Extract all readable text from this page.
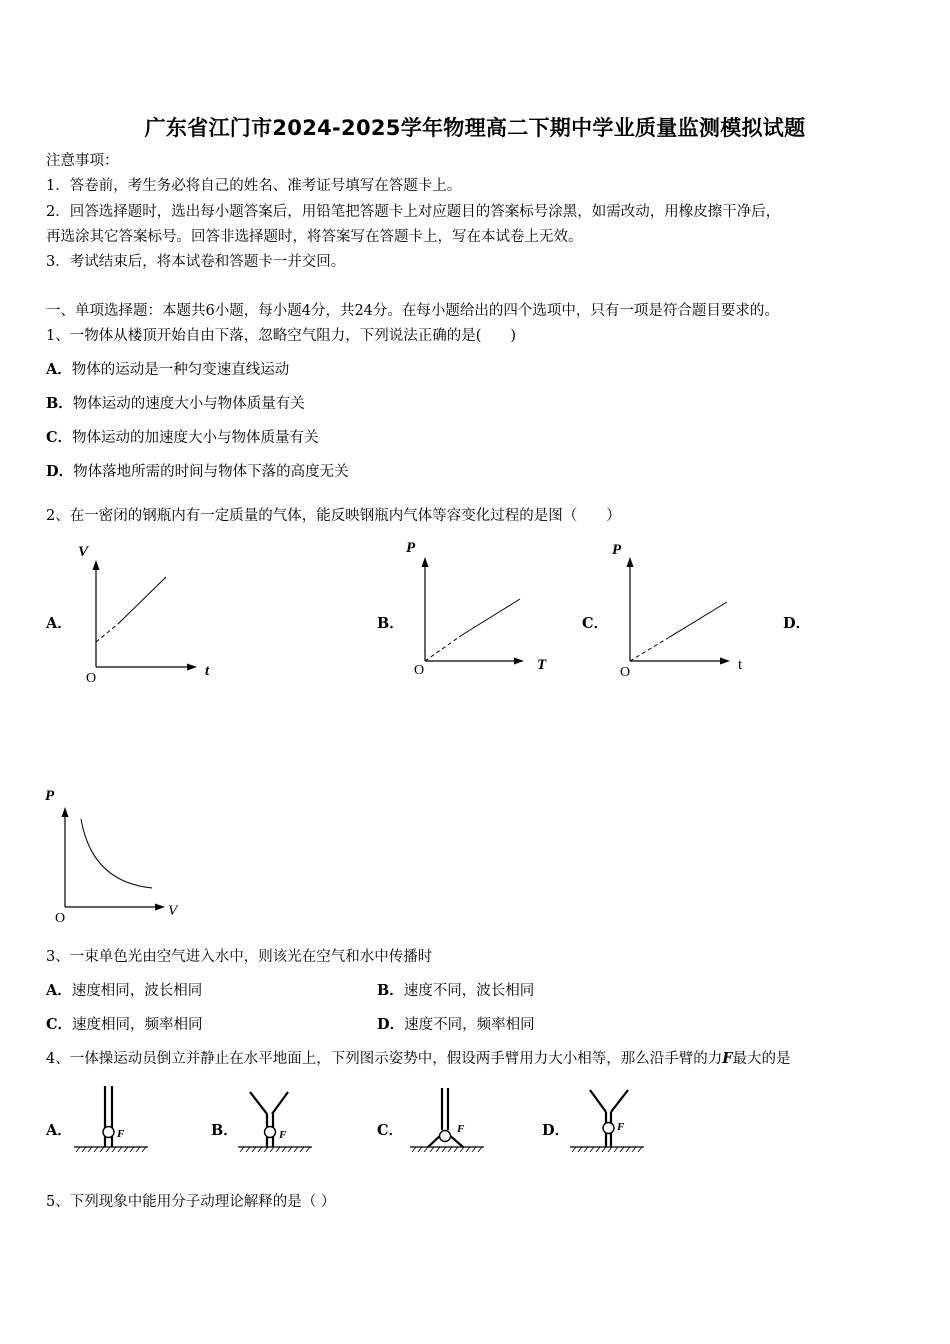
广东省江门市2024-2025学年物理高二下期中学业质量监测模拟试题
注意事项：
1．答卷前，考生务必将自己的姓名、准考证号填写在答题卡上。
2．回答选择题时，选出每小题答案后，用铅笔把答题卡上对应题目的答案标号涂黑，如需改动，用橡皮擦干净后，
再选涂其它答案标号。回答非选择题时，将答案写在答题卡上，写在本试卷上无效。
3．考试结束后，将本试卷和答题卡一并交回。
一、单项选择题：本题共6小题，每小题4分，共24分。在每小题给出的四个选项中，只有一项是符合题目要求的。
1、一物体从楼顶开始自由下落，忽略空气阻力，下列说法正确的是(　　)
A．物体的运动是一种匀变速直线运动
B．物体运动的速度大小与物体质量有关
C．物体运动的加速度大小与物体质量有关
D．物体落地所需的时间与物体下落的高度无关
2、在一密闭的钢瓶内有一定质量的气体，能反映钢瓶内气体等容变化过程的是图（　　）
A．
V
t
O
B．
P
T
O
C．
P
t
O
D．
P
V
O
3、一束单色光由空气进入水中，则该光在空气和水中传播时
A．速度相同，波长相同	B．速度不同，波长相同
C．速度相同，频率相同	D．速度不同，频率相同
4、一体操运动员倒立并静止在水平地面上，下列图示姿势中，假设两手臂用力大小相等，那么沿手臂的力F最大的是
A．	F	B．	F	C．	F	D．	F
5、下列现象中能用分子动理论解释的是（ ）
